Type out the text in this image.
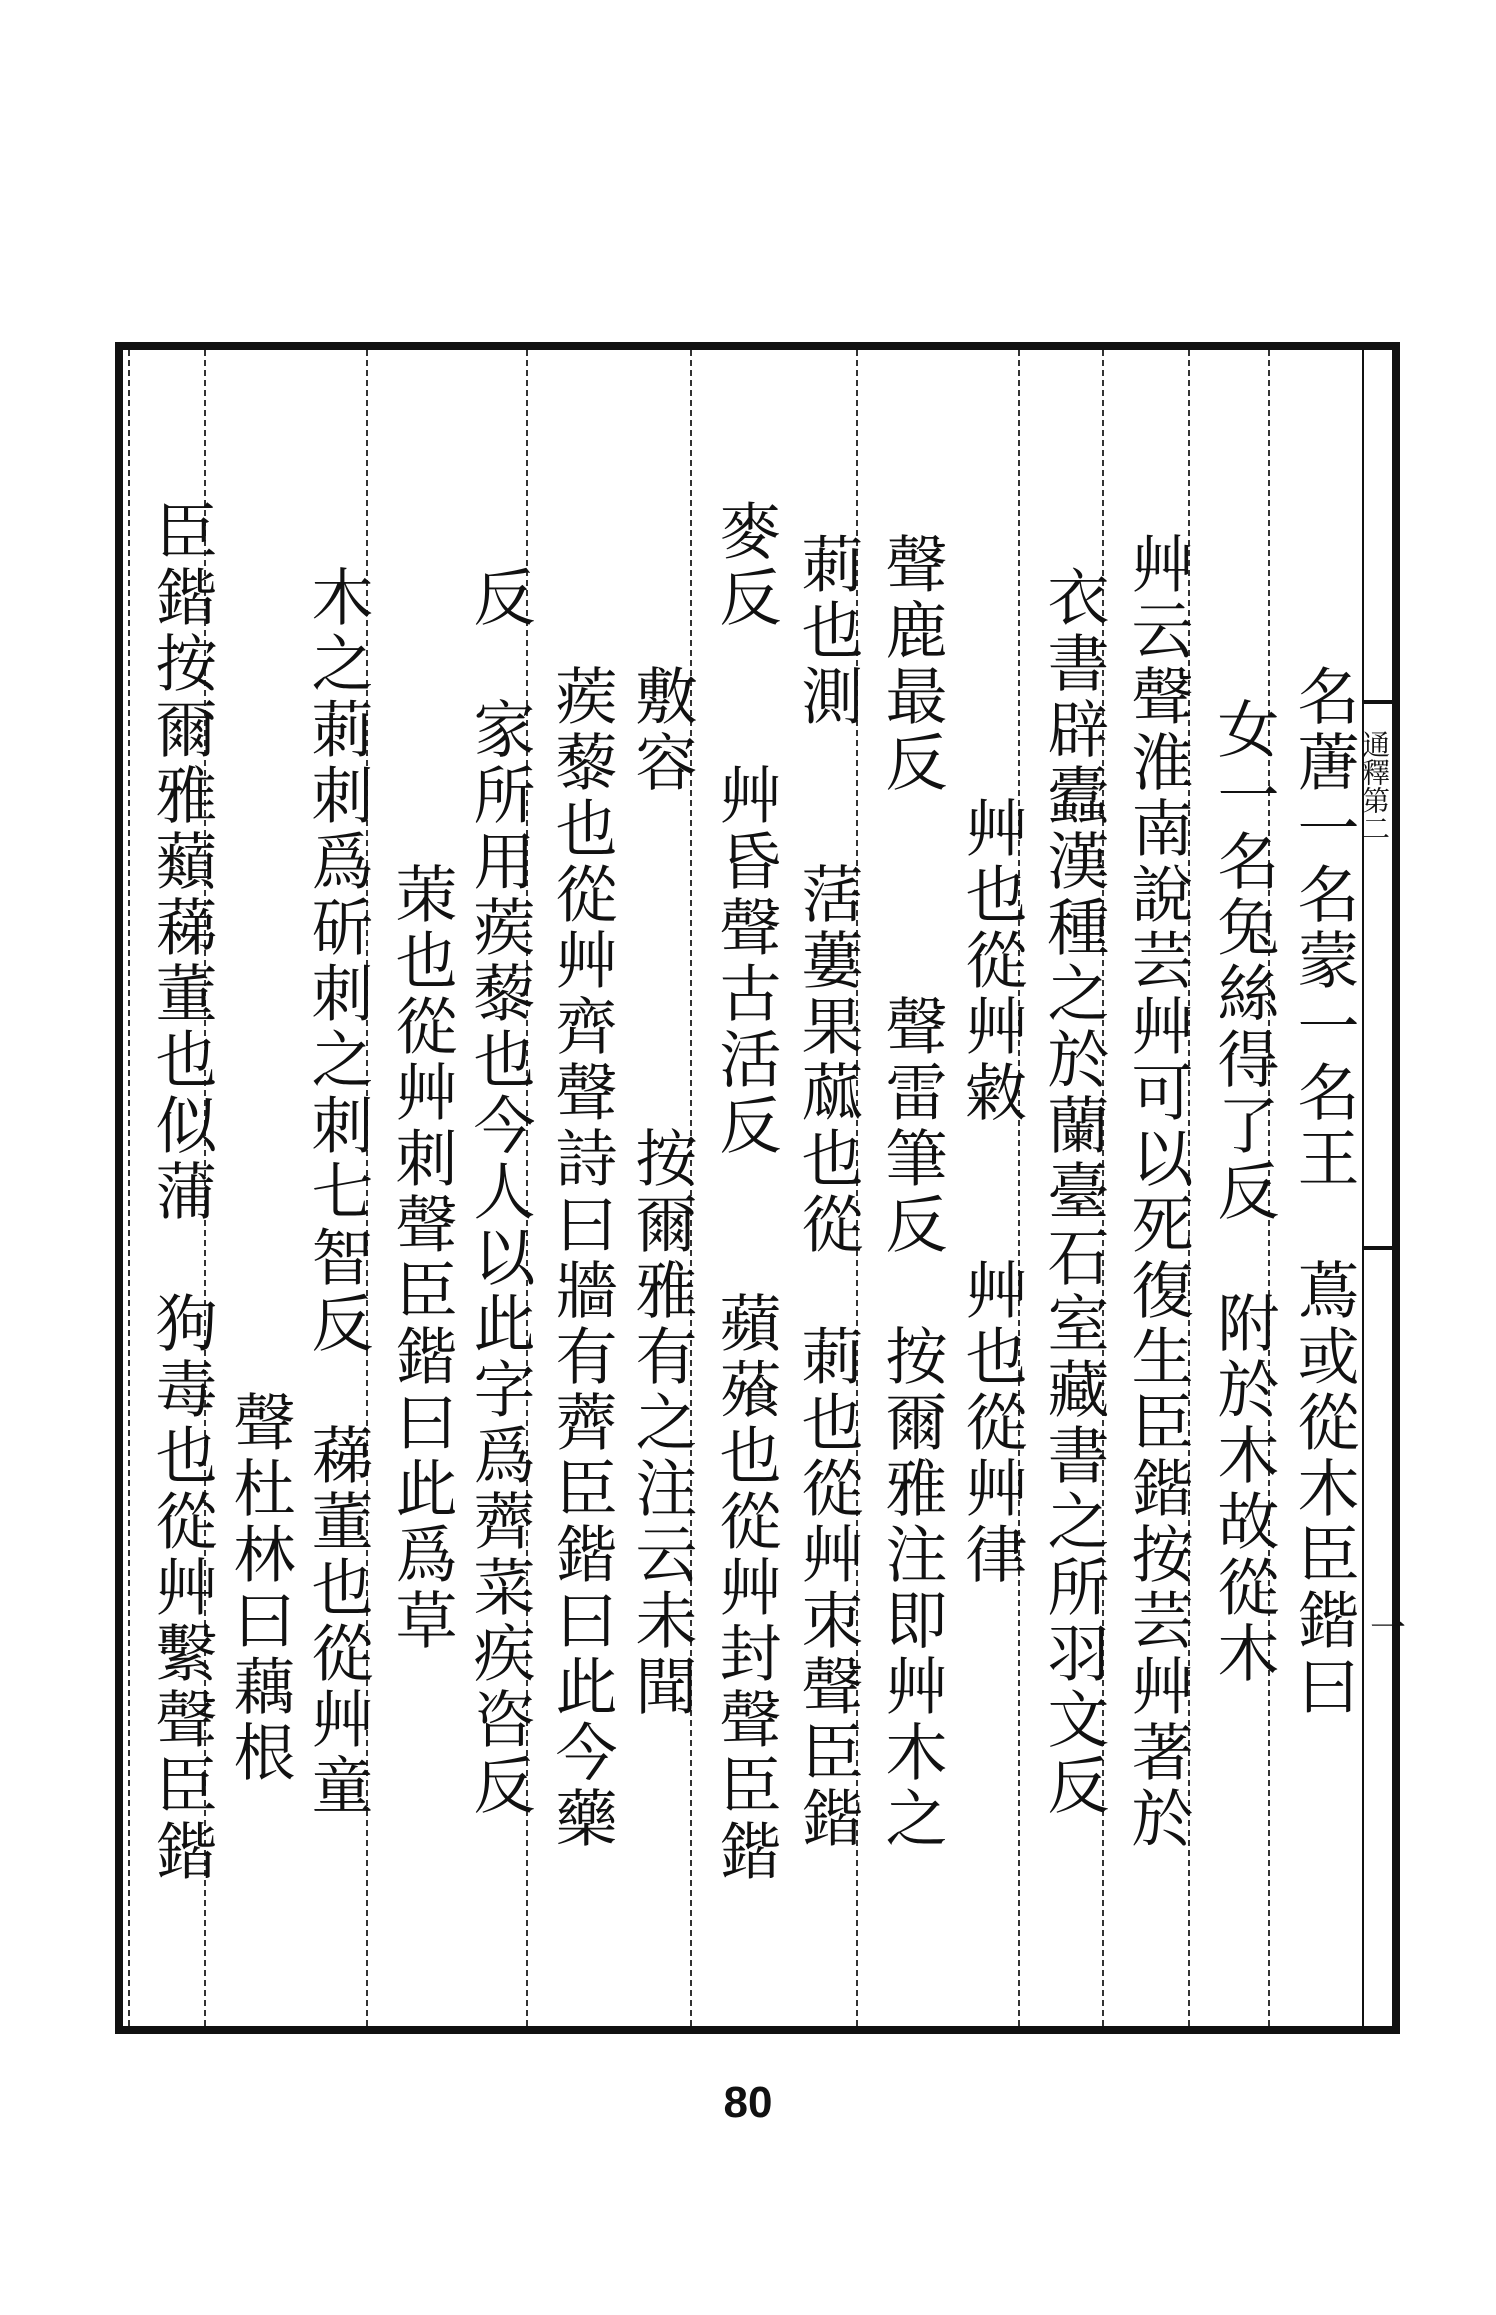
通釋第二
一
名蓎一名蒙一名王　蔦或從木臣鍇曰
女一名兔絲得了反　附於木故從木
艸云聲淮南說芸艸可以死復生臣鍇按芸艸著於
衣書辟蠹漢種之於蘭臺石室藏書之所羽文反
艸也從艸敹　　艸也從艸律
聲鹿最反　　　聲雷筆反　按爾雅注即艸木之
莿也測　　萿蔞果蓏也從　莿也從艸朿聲臣鍇
麥反　　艸昏聲古活反　　蘋蕵也從艸封聲臣鍇
敷容　　　　　按爾雅有之注云未聞
　　蒺藜也從艸齊聲詩曰牆有薺臣鍇曰此今藥
反　家所用蒺藜也今人以此字爲薺菜疾咨反
　　茦也從艸刺聲臣鍇曰此爲草
木之莿刺爲斫刺之刺七智反　蕛董也從艸童
　　　　　　　　　　　　聲杜林曰藕根
臣鍇按爾雅蘱蕛董也似蒲　狗毒也從艸繫聲臣鍇
80
